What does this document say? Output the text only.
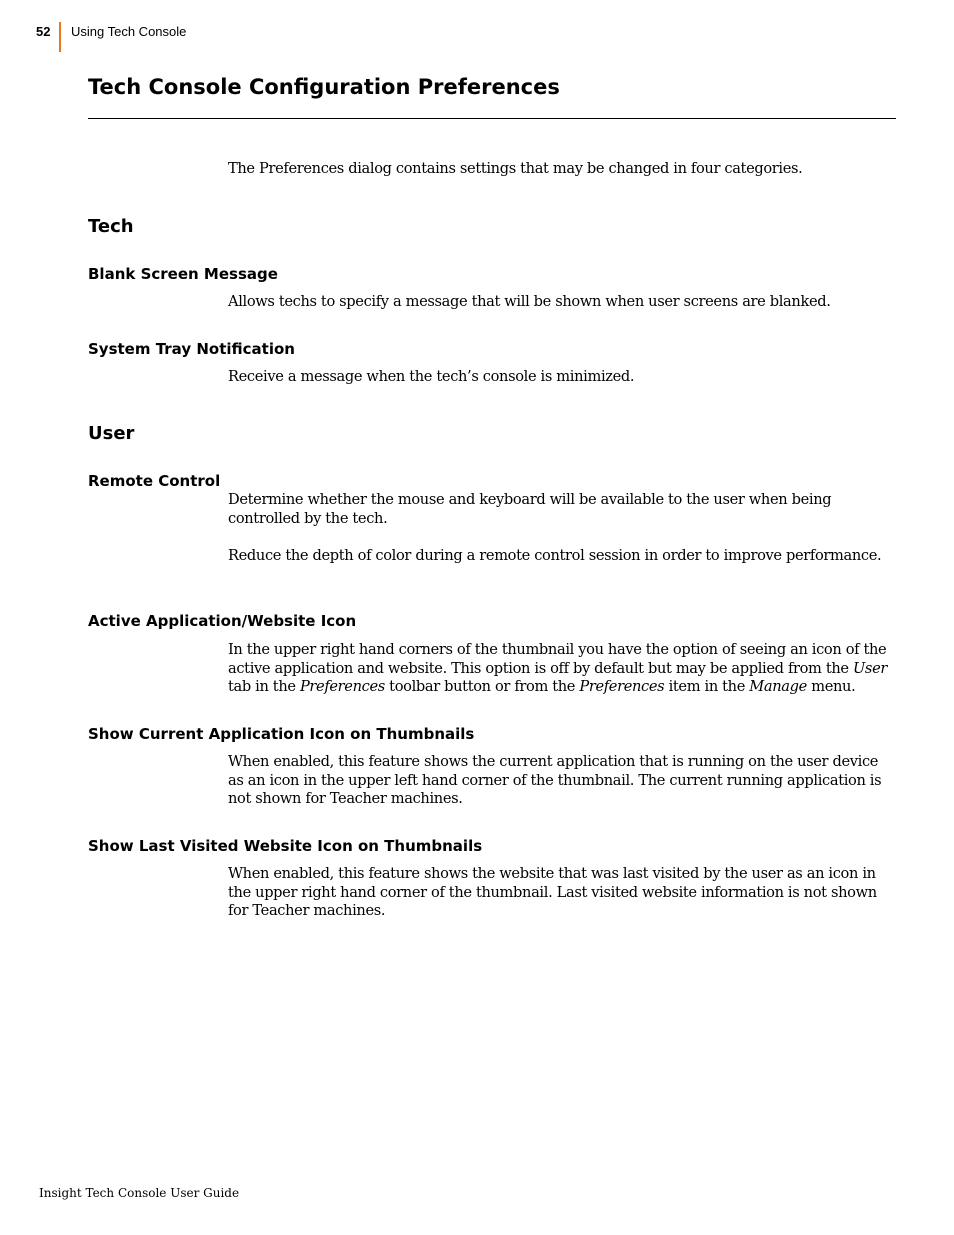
52 Using Tech Console
Tech Console Configuration Preferences

The Preferences dialog contains settings that may be changed in four categories.

Tech
Blank Screen Message

Allows techs to specify a message that will be shown when user screens are blanked.

System Tray Notification

Receive a message when the tech’s console is minimized.

User
Remote Control

Determine whether the mouse and keyboard will be available to the user when being controlled by the tech.

Reduce the depth of color during a remote control session in order to improve performance.

Active Application/Website Icon

In the upper right hand corners of the thumbnail you have the option of seeing an icon of the active application and website. This option is off by default but may be applied from the User tab in the Preferences toolbar button or from the Preferences item in the Manage menu.

Show Current Application Icon on Thumbnails

When enabled, this feature shows the current application that is running on the user device as an icon in the upper left hand corner of the thumbnail. The current running application is not shown for Teacher machines.

Show Last Visited Website Icon on Thumbnails

When enabled, this feature shows the website that was last visited by the user as an icon in the upper right hand corner of the thumbnail. Last visited website information is not shown for Teacher machines.

Insight Tech Console User Guide
